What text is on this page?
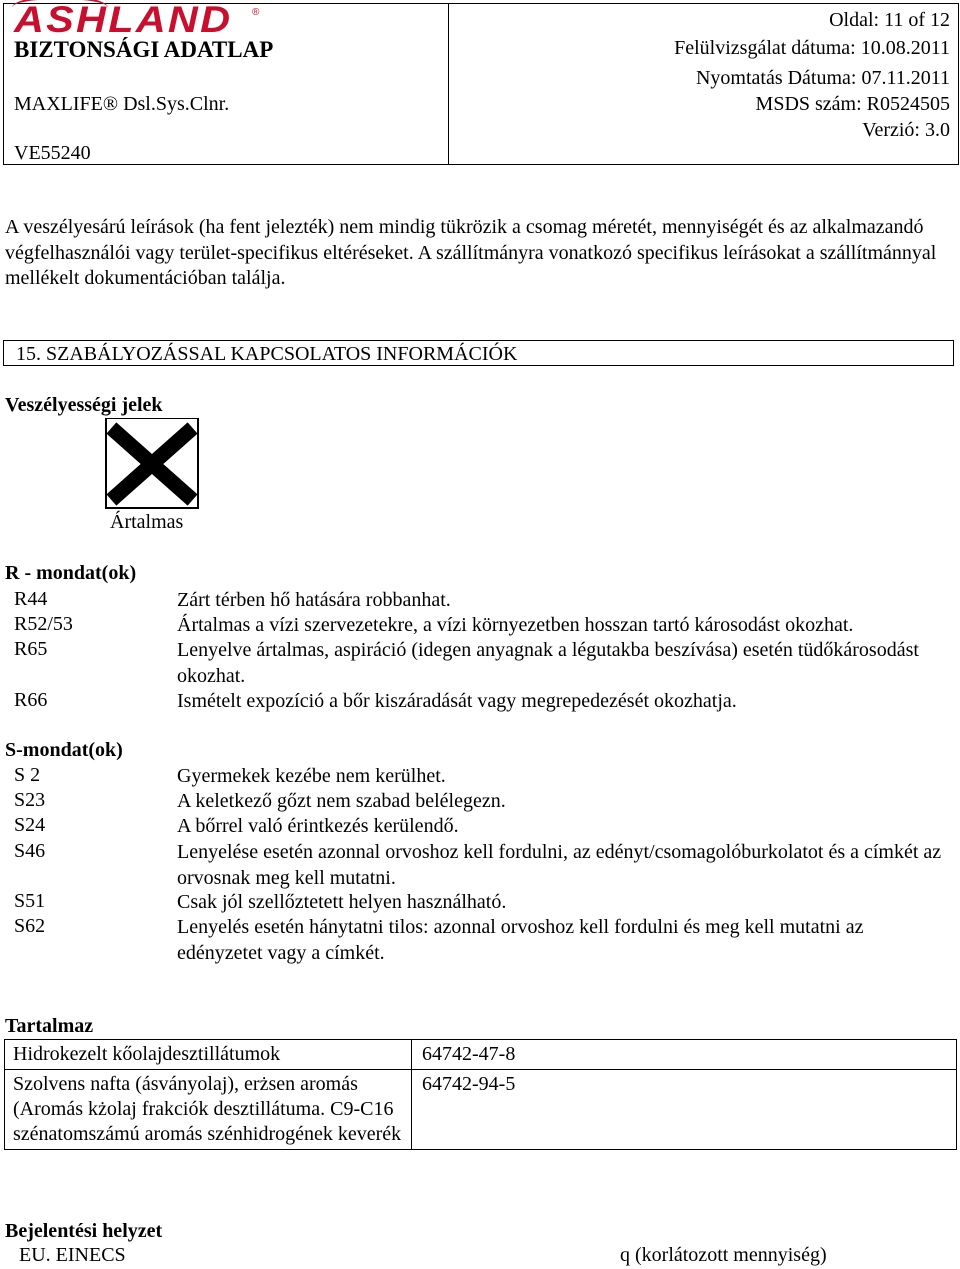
ASHLAND ®
BIZTONSÁGI ADATLAP
MAXLIFE® Dsl.Sys.Clnr.
VE55240
Oldal: 11 of 12
Felülvizsgálat dátuma: 10.08.2011
Nyomtatás Dátuma: 07.11.2011
MSDS szám: R0524505
Verzió: 3.0
A veszélyesárú leírások (ha fent jelezték) nem mindig tükrözik a csomag méretét, mennyiségét és az alkalmazandó végfelhasználói vagy terület-specifikus eltéréseket. A szállítmányra vonatkozó specifikus leírásokat a szállítmánnyal mellékelt dokumentációban találja.
15. SZABÁLYOZÁSSAL KAPCSOLATOS INFORMÁCIÓK
Veszélyességi jelek
Ártalmas
R - mondat(ok)
R44	Zárt térben hő hatására robbanhat.
R52/53	Ártalmas a vízi szervezetekre, a vízi környezetben hosszan tartó károsodást okozhat.
R65	Lenyelve ártalmas, aspiráció (idegen anyagnak a légutakba beszívása) esetén tüdőkárosodást okozhat.
R66	Ismételt expozíció a bőr kiszáradását vagy megrepedezését okozhatja.
S-mondat(ok)
S 2	Gyermekek kezébe nem kerülhet.
S23	A keletkező gőzt nem szabad belélegezn.
S24	A bőrrel való érintkezés kerülendő.
S46	Lenyelése esetén azonnal orvoshoz kell fordulni, az edényt/csomagolóburkolatot és a címkét az orvosnak meg kell mutatni.
S51	Csak jól szellőztetett helyen használható.
S62	Lenyelés esetén hánytatni tilos: azonnal orvoshoz kell fordulni és meg kell mutatni az edényzetet vagy a címkét.
Tartalmaz
Hidrokezelt kőolajdesztillátumok	64742-47-8
Szolvens nafta (ásványolaj), erżsen aromás (Aromás kżolaj frakciók desztillátuma. C9-C16 szénatomszámú aromás szénhidrogének keverék	64742-94-5
Bejelentési helyzet
EU. EINECS	q (korlátozott mennyiség)
